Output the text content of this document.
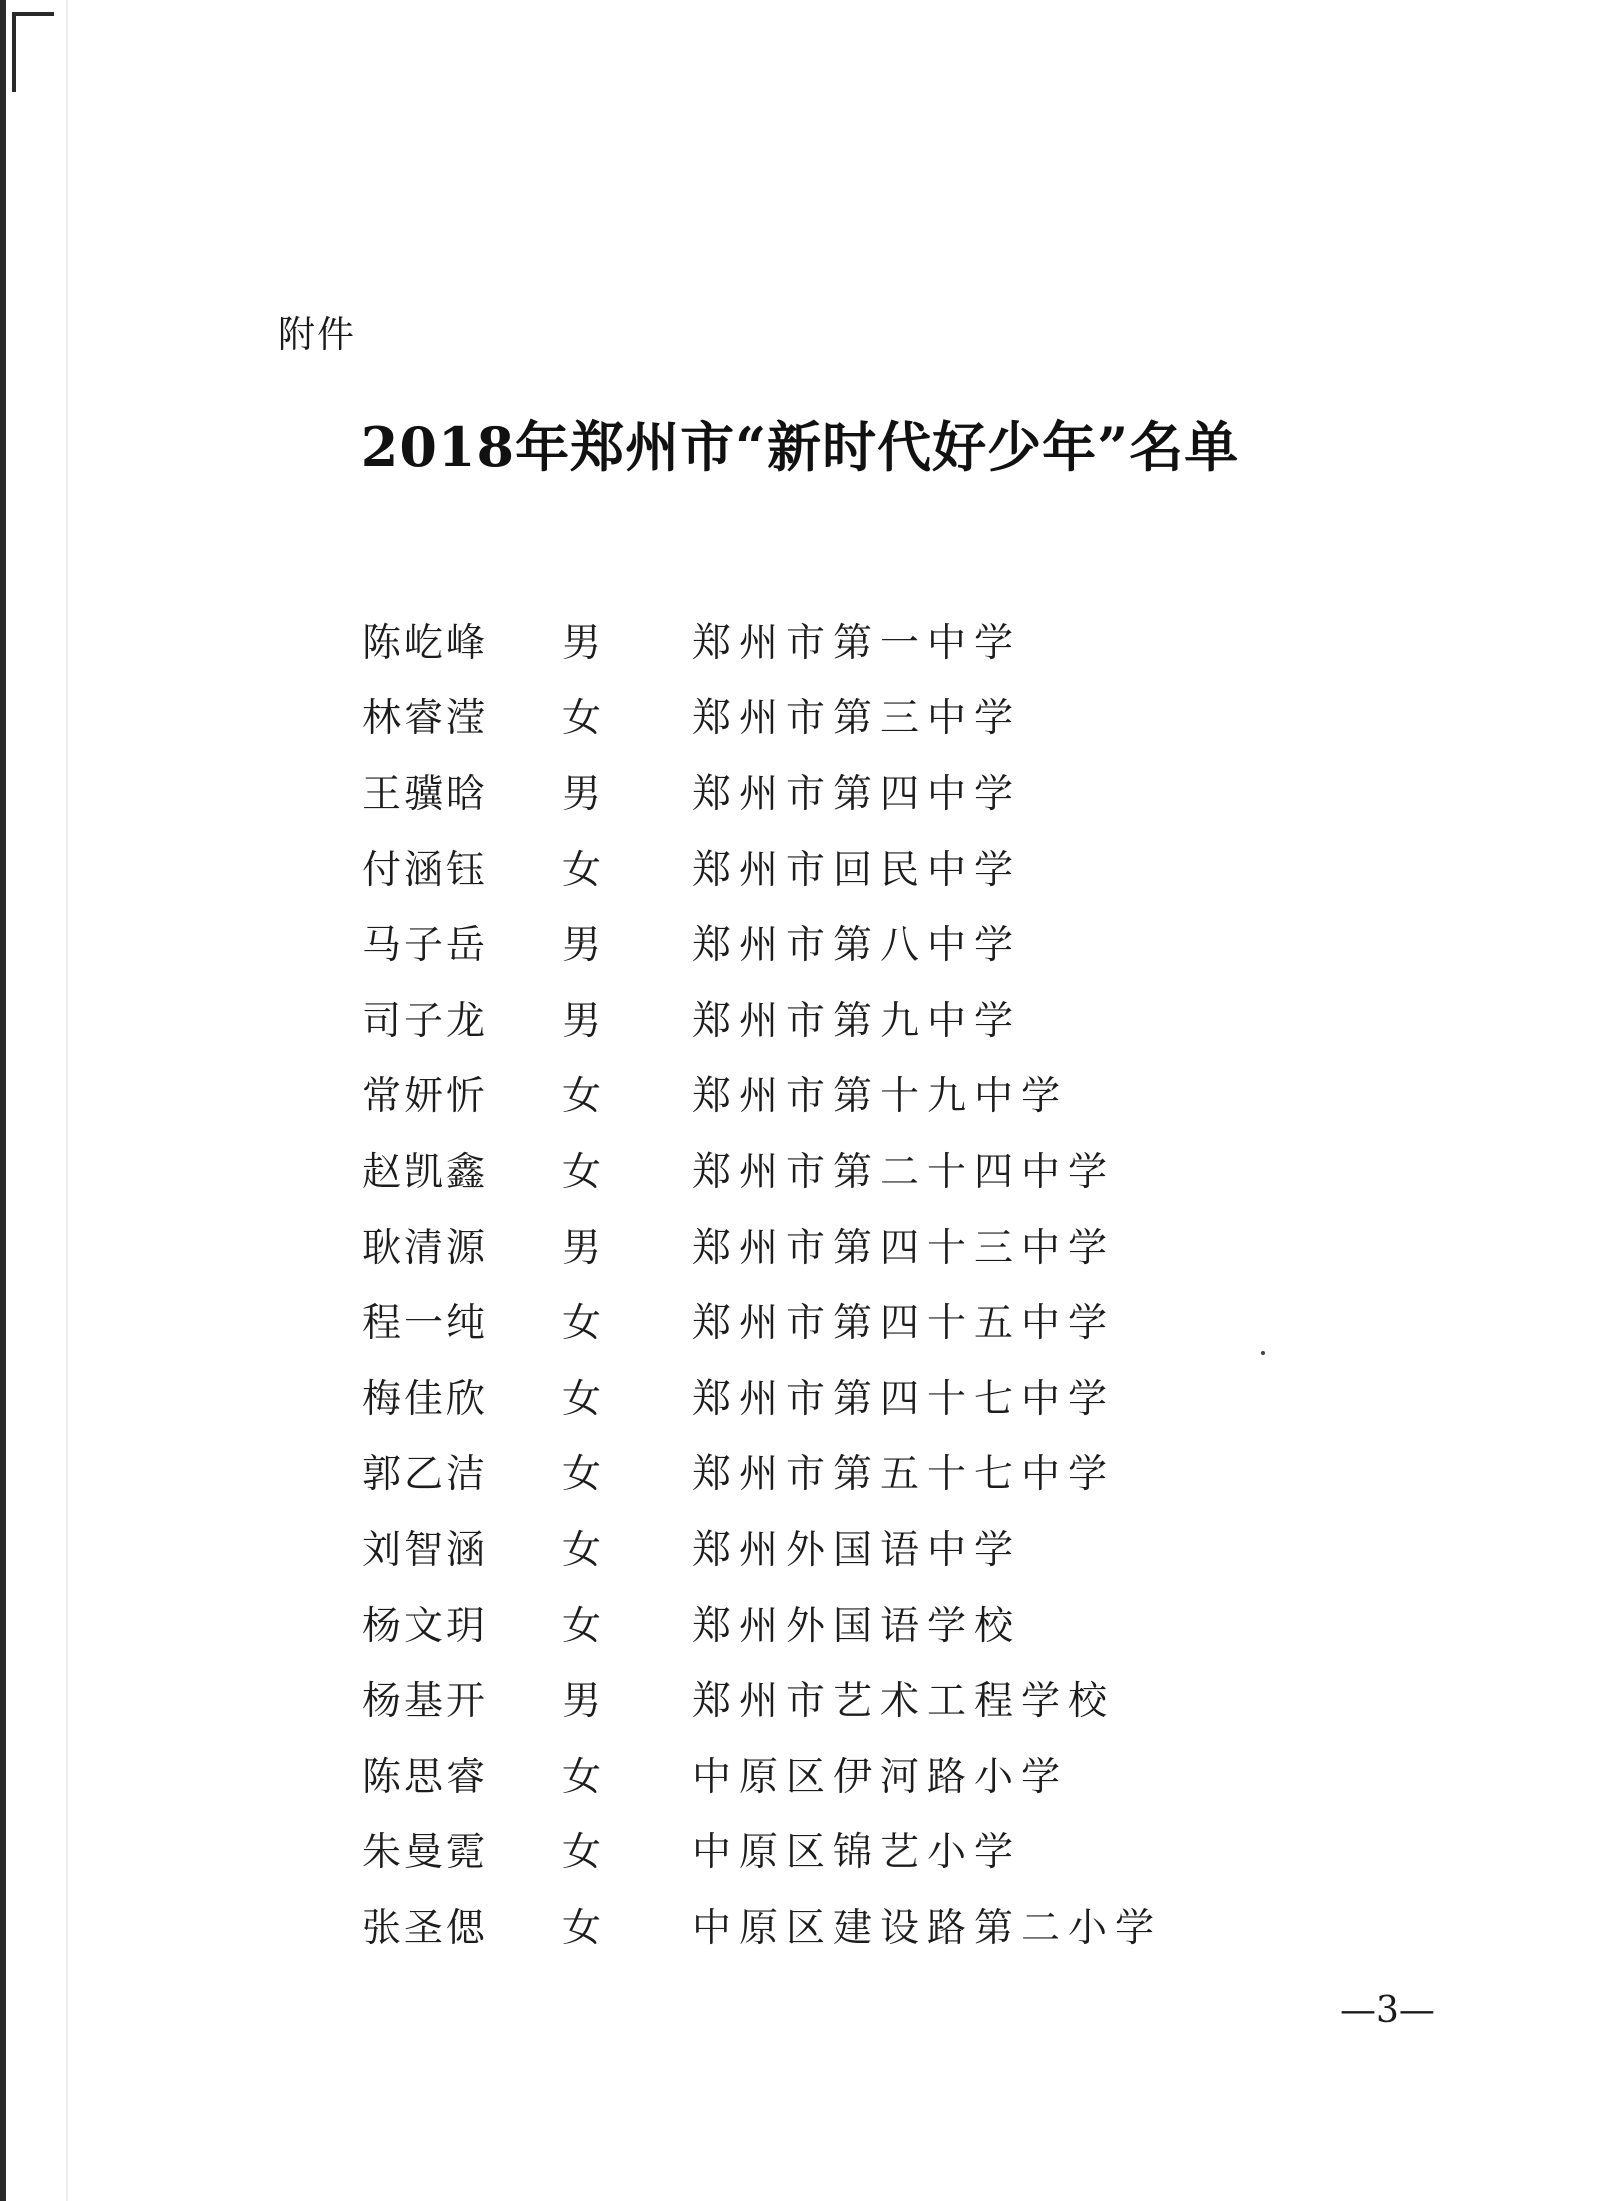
附件
2018年郑州市“新时代好少年”名单
陈屹峰	男	郑州市第一中学
林睿滢	女	郑州市第三中学
王骥晗	男	郑州市第四中学
付涵钰	女	郑州市回民中学
马子岳	男	郑州市第八中学
司子龙	男	郑州市第九中学
常妍忻	女	郑州市第十九中学
赵凯鑫	女	郑州市第二十四中学
耿清源	男	郑州市第四十三中学
程一纯	女	郑州市第四十五中学
梅佳欣	女	郑州市第四十七中学
郭乙洁	女	郑州市第五十七中学
刘智涵	女	郑州外国语中学
杨文玥	女	郑州外国语学校
杨基开	男	郑州市艺术工程学校
陈思睿	女	中原区伊河路小学
朱曼霓	女	中原区锦艺小学
张圣偲	女	中原区建设路第二小学
—3—
